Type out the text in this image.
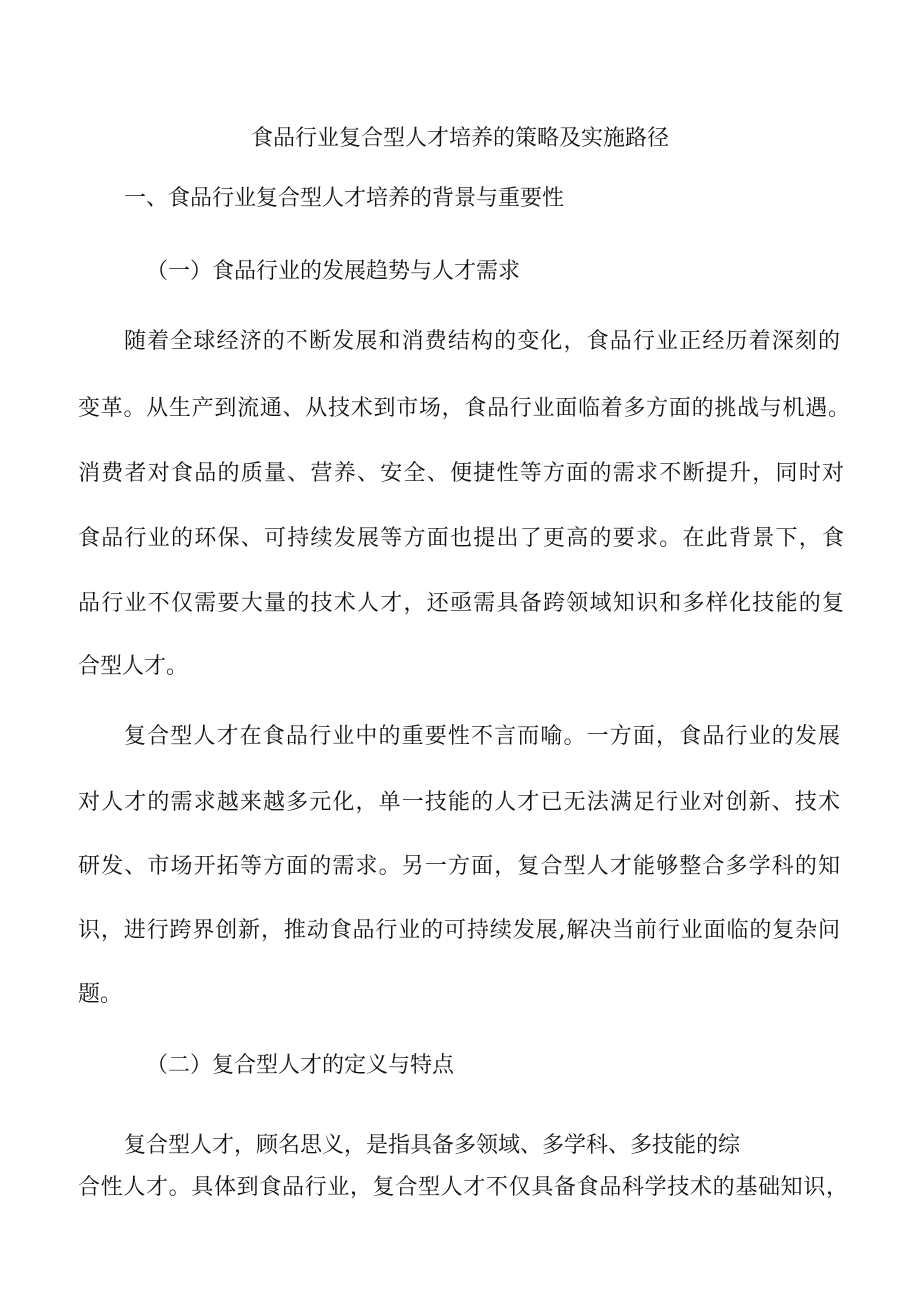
食品行业复合型人才培养的策略及实施路径

一、食品行业复合型人才培养的背景与重要性

（一）食品行业的发展趋势与人才需求

随着全球经济的不断发展和消费结构的变化，食品行业正经历着深刻的

变革。从生产到流通、从技术到市场，食品行业面临着多方面的挑战与机遇。

消费者对食品的质量、营养、安全、便捷性等方面的需求不断提升，同时对

食品行业的环保、可持续发展等方面也提出了更高的要求。在此背景下，食

品行业不仅需要大量的技术人才，还亟需具备跨领域知识和多样化技能的复

合型人才。

复合型人才在食品行业中的重要性不言而喻。一方面，食品行业的发展

对人才的需求越来越多元化，单一技能的人才已无法满足行业对创新、技术

研发、市场开拓等方面的需求。另一方面，复合型人才能够整合多学科的知

识，进行跨界创新，推动食品行业的可持续发展,解决当前行业面临的复杂问

题。

（二）复合型人才的定义与特点

复合型人才，顾名思义，是指具备多领域、多学科、多技能的综

合性人才。具体到食品行业，复合型人才不仅具备食品科学技术的基础知识，
